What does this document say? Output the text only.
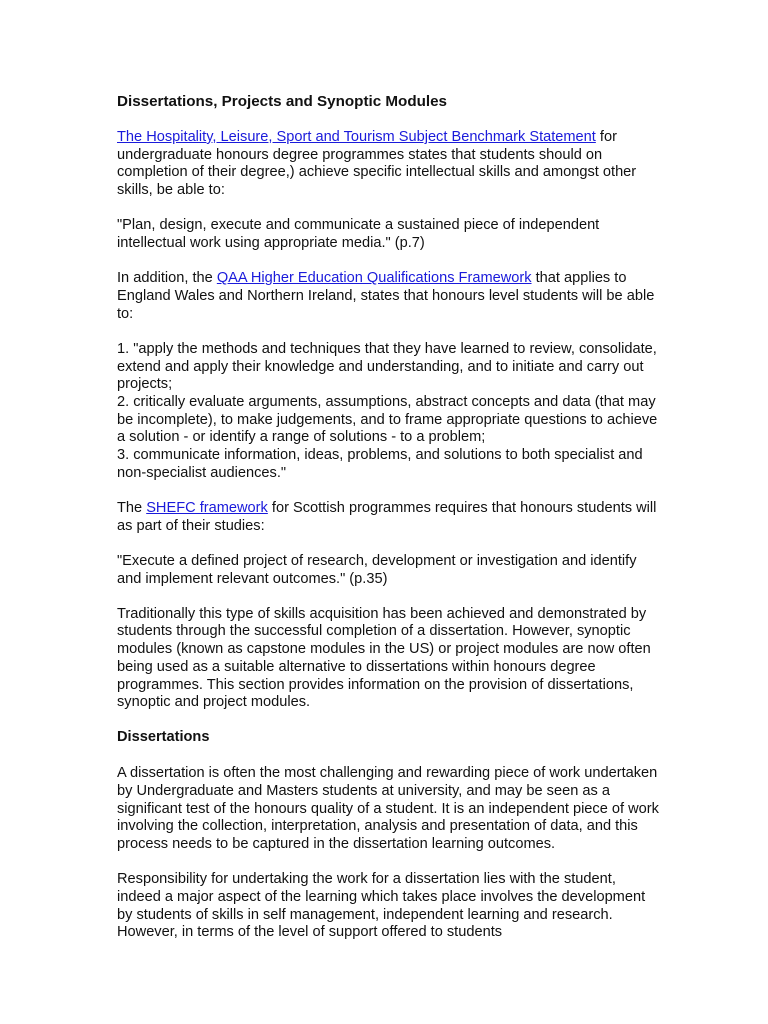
Dissertations, Projects and Synoptic Modules

The Hospitality, Leisure, Sport and Tourism Subject Benchmark Statement for undergraduate honours degree programmes states that students should on completion of their degree,) achieve specific intellectual skills and amongst other skills, be able to:

"Plan, design, execute and communicate a sustained piece of independent intellectual work using appropriate media." (p.7)

In addition, the QAA Higher Education Qualifications Framework that applies to England Wales and Northern Ireland, states that honours level students will be able to:

1. "apply the methods and techniques that they have learned to review, consolidate, extend and apply their knowledge and understanding, and to initiate and carry out projects;

2. critically evaluate arguments, assumptions, abstract concepts and data (that may be incomplete), to make judgements, and to frame appropriate questions to achieve a solution - or identify a range of solutions - to a problem;

3. communicate information, ideas, problems, and solutions to both specialist and non-specialist audiences."

The SHEFC framework for Scottish programmes requires that honours students will as part of their studies:

"Execute a defined project of research, development or investigation and identify and implement relevant outcomes." (p.35)

Traditionally this type of skills acquisition has been achieved and demonstrated by students through the successful completion of a dissertation. However, synoptic modules (known as capstone modules in the US) or project modules are now often being used as a suitable alternative to dissertations within honours degree programmes. This section provides information on the provision of dissertations, synoptic and project modules.

Dissertations

A dissertation is often the most challenging and rewarding piece of work undertaken by Undergraduate and Masters students at university, and may be seen as a significant test of the honours quality of a student. It is an independent piece of work involving the collection, interpretation, analysis and presentation of data, and this process needs to be captured in the dissertation learning outcomes.

Responsibility for undertaking the work for a dissertation lies with the student, indeed a major aspect of the learning which takes place involves the development by students of skills in self management, independent learning and research. However, in terms of the level of support offered to students
